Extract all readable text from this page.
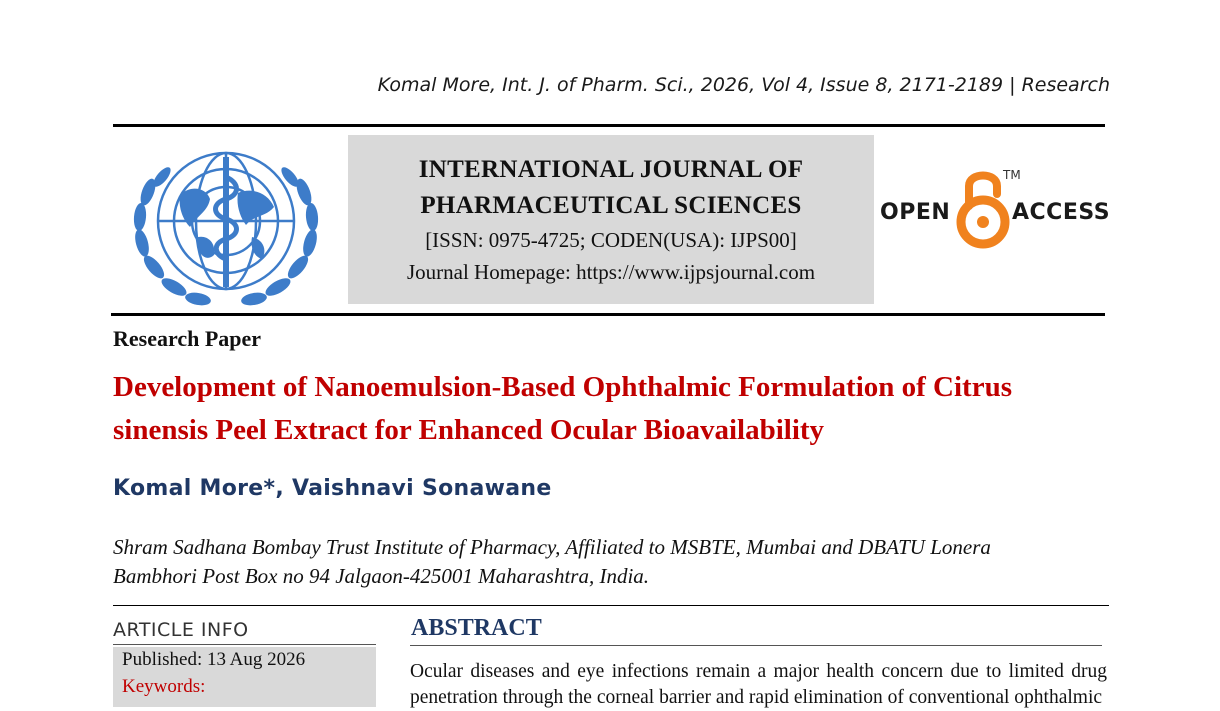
Komal More, Int. J. of Pharm. Sci., 2026, Vol 4, Issue 8, 2171-2189 | Research
INTERNATIONAL JOURNAL OF
PHARMACEUTICAL SCIENCES
[ISSN: 0975-4725; CODEN(USA): IJPS00]
Journal Homepage: https://www.ijpsjournal.com
OPEN
TM
ACCESS
Research Paper
Development of Nanoemulsion-Based Ophthalmic Formulation of Citrus
sinensis Peel Extract for Enhanced Ocular Bioavailability
Komal More*, Vaishnavi Sonawane
Shram Sadhana Bombay Trust Institute of Pharmacy, Affiliated to MSBTE, Mumbai and DBATU Lonera
Bambhori Post Box no 94 Jalgaon-425001 Maharashtra, India.
ARTICLE INFO
Published: 13 Aug 2026
Keywords:
ABSTRACT
Ocular diseases and eye infections remain a major health concern due to limited drug penetration through the corneal barrier and rapid elimination of conventional ophthalmic
